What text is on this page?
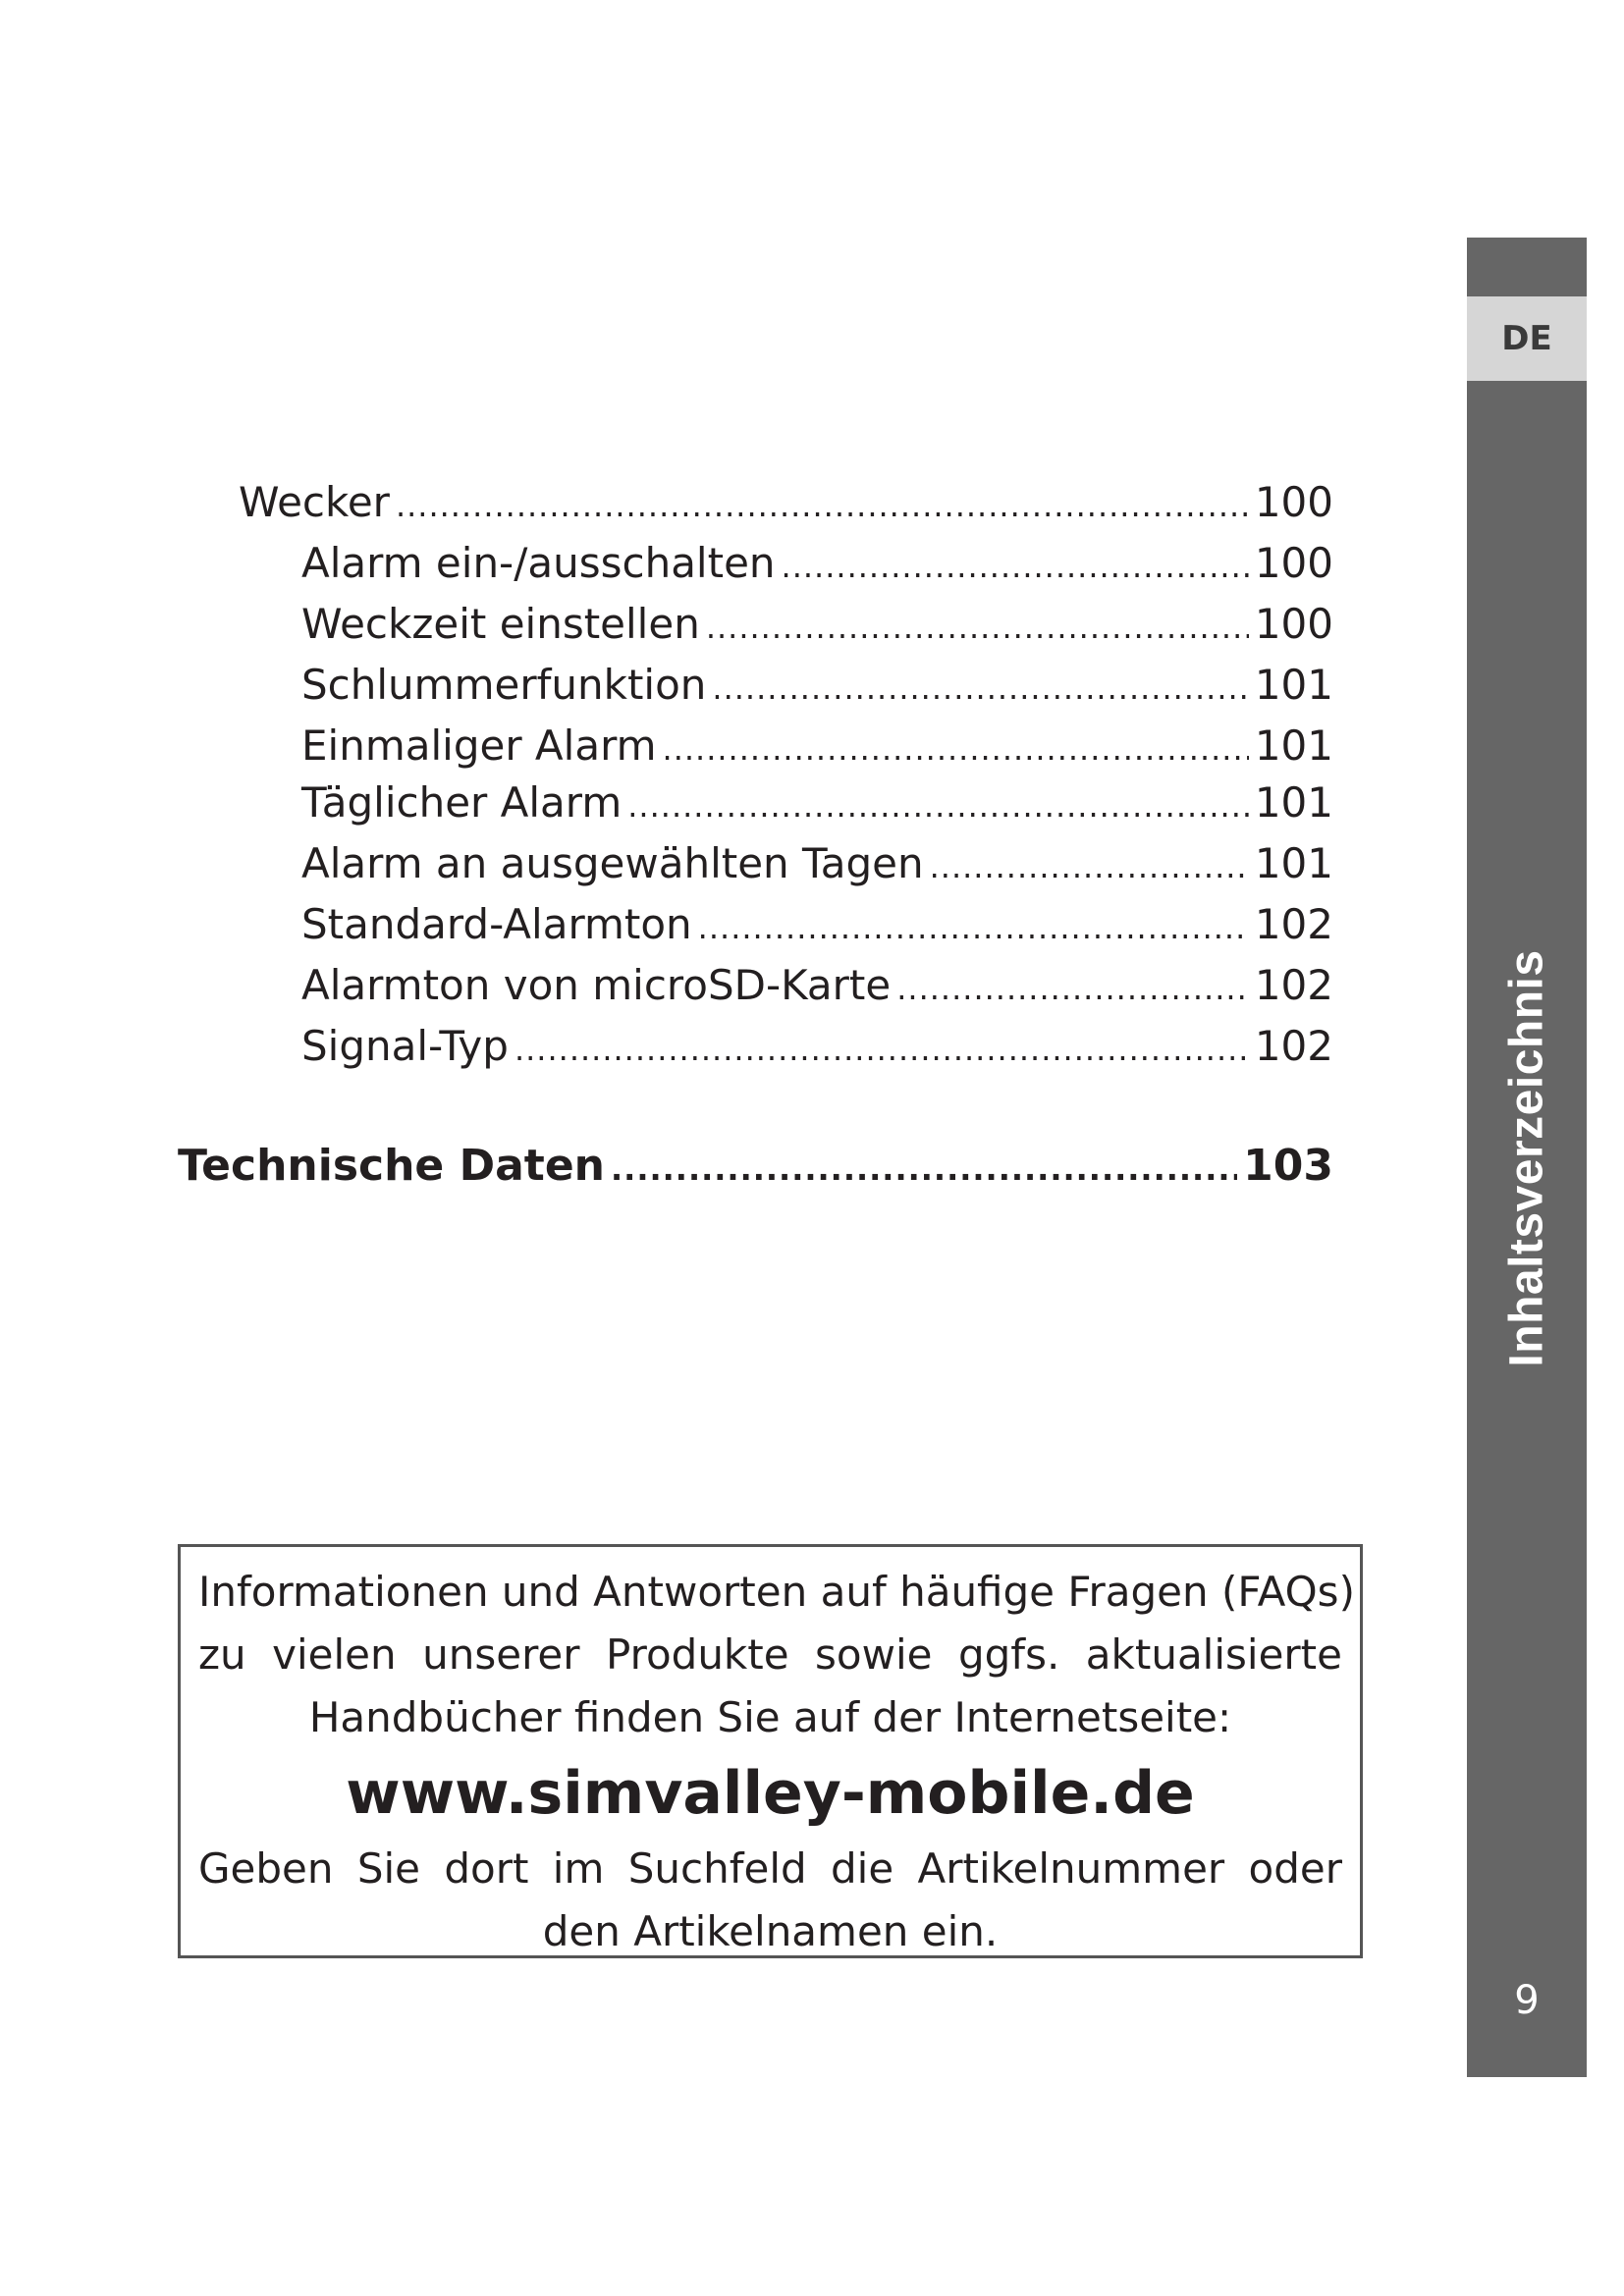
DE
Inhaltsverzeichnis
9
Wecker .....	100
Alarm ein-/ausschalten .....	100
Weckzeit einstellen .....	100
Schlummerfunktion .....	101
Einmaliger Alarm .....	101
Täglicher Alarm .....	101
Alarm an ausgewählten Tagen .....	101
Standard-Alarmton .....	102
Alarmton von microSD-Karte .....	102
Signal-Typ .....	102
Technische Daten .....	103
Informationen und Antworten auf häufige Fragen (FAQs)
zu vielen unserer Produkte sowie ggfs. aktualisierte
Handbücher finden Sie auf der Internetseite:
www.simvalley-mobile.de
Geben Sie dort im Suchfeld die Artikelnummer oder
den Artikelnamen ein.
